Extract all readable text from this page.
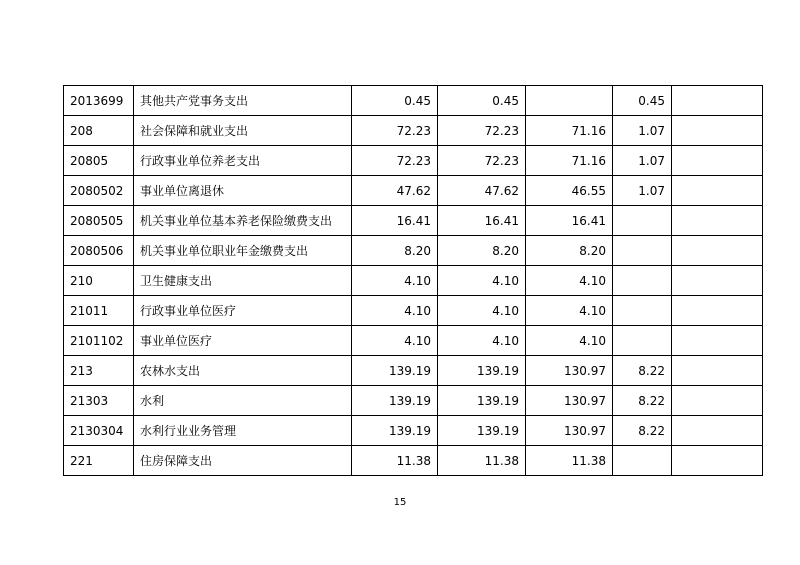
2013699	其他共产党事务支出	0.45	0.45		0.45	
208	社会保障和就业支出	72.23	72.23	71.16	1.07	
20805	行政事业单位养老支出	72.23	72.23	71.16	1.07	
2080502	事业单位离退休	47.62	47.62	46.55	1.07	
2080505	机关事业单位基本养老保险缴费支出	16.41	16.41	16.41		
2080506	机关事业单位职业年金缴费支出	8.20	8.20	8.20		
210	卫生健康支出	4.10	4.10	4.10		
21011	行政事业单位医疗	4.10	4.10	4.10		
2101102	事业单位医疗	4.10	4.10	4.10		
213	农林水支出	139.19	139.19	130.97	8.22	
21303	水利	139.19	139.19	130.97	8.22	
2130304	水利行业业务管理	139.19	139.19	130.97	8.22	
221	住房保障支出	11.38	11.38	11.38		
15
